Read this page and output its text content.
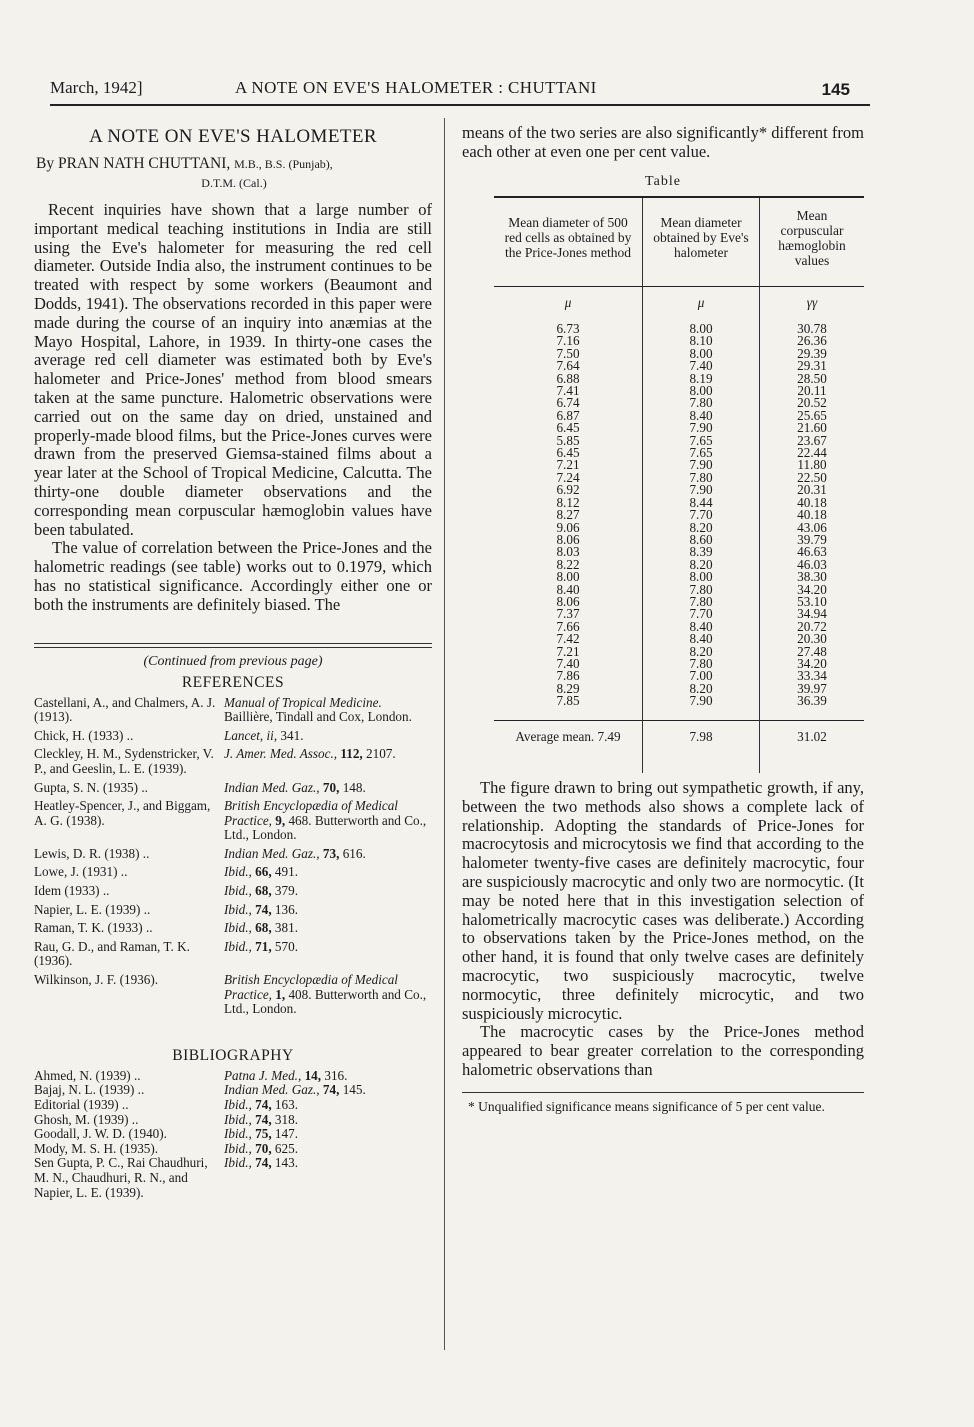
March, 1942]	A NOTE ON EVE'S HALOMETER : CHUTTANI	145
A NOTE ON EVE'S HALOMETER
By PRAN NATH CHUTTANI, M.B., B.S. (Punjab),
D.T.M. (Cal.)

Recent inquiries have shown that a large number of important medical teaching institutions in India are still using the Eve's halometer for measuring the red cell diameter. Outside India also, the instrument continues to be treated with respect by some workers (Beaumont and Dodds, 1941). The observations recorded in this paper were made during the course of an inquiry into anæmias at the Mayo Hospital, Lahore, in 1939. In thirty-one cases the average red cell diameter was estimated both by Eve's halometer and Price-Jones' method from blood smears taken at the same puncture. Halometric observations were carried out on the same day on dried, unstained and properly-made blood films, but the Price-Jones curves were drawn from the preserved Giemsa-stained films about a year later at the School of Tropical Medicine, Calcutta. The thirty-one double diameter observations and the corresponding mean corpuscular hæmoglobin values have been tabulated.

The value of correlation between the Price-Jones and the halometric readings (see table) works out to 0.1979, which has no statistical significance. Accordingly either one or both the instruments are definitely biased. The

(Continued from previous page)
REFERENCES
Castellani, A., and Chalmers, A. J. (1913).	Manual of Tropical Medicine. Baillière, Tindall and Cox, London.
Chick, H. (1933) ..	Lancet, ii, 341.
Cleckley, H. M., Sydenstricker, V. P., and Geeslin, L. E. (1939).	J. Amer. Med. Assoc., 112, 2107.
Gupta, S. N. (1935) ..	Indian Med. Gaz., 70, 148.
Heatley-Spencer, J., and Biggam, A. G. (1938).	British Encyclopædia of Medical Practice, 9, 468. Butterworth and Co., Ltd., London.
Lewis, D. R. (1938) ..	Indian Med. Gaz., 73, 616.
Lowe, J. (1931) ..	Ibid., 66, 491.
Idem (1933) ..	Ibid., 68, 379.
Napier, L. E. (1939) ..	Ibid., 74, 136.
Raman, T. K. (1933) ..	Ibid., 68, 381.
Rau, G. D., and Raman, T. K. (1936).	Ibid., 71, 570.
Wilkinson, J. F. (1936).	British Encyclopædia of Medical Practice, 1, 408. Butterworth and Co., Ltd., London.
BIBLIOGRAPHY
Ahmed, N. (1939) ..	Patna J. Med., 14, 316.
Bajaj, N. L. (1939) ..	Indian Med. Gaz., 74, 145.
Editorial (1939) ..	Ibid., 74, 163.
Ghosh, M. (1939) ..	Ibid., 74, 318.
Goodall, J. W. D. (1940).	Ibid., 75, 147.
Mody, M. S. H. (1935).	Ibid., 70, 625.
Sen Gupta, P. C., Rai Chaudhuri, M. N., Chaudhuri, R. N., and Napier, L. E. (1939).	Ibid., 74, 143.

means of the two series are also significantly* different from each other at even one per cent value.

Table
Mean diameter of 500 red cells as obtained by the Price-Jones method	Mean diameter obtained by Eve's halometer	Mean corpuscular hæmoglobin values
μ	μ	γγ
6.73	8.00	30.78
7.16	8.10	26.36
7.50	8.00	29.39
7.64	7.40	29.31
6.88	8.19	28.50
7.41	8.00	20.11
6.74	7.80	20.52
6.87	8.40	25.65
6.45	7.90	21.60
5.85	7.65	23.67
6.45	7.65	22.44
7.21	7.90	11.80
7.24	7.80	22.50
6.92	7.90	20.31
8.12	8.44	40.18
8.27	7.70	40.18
9.06	8.20	43.06
8.06	8.60	39.79
8.03	8.39	46.63
8.22	8.20	46.03
8.00	8.00	38.30
8.40	7.80	34.20
8.06	7.80	53.10
7.37	7.70	34.94
7.66	8.40	20.72
7.42	8.40	20.30
7.21	8.20	27.48
7.40	7.80	34.20
7.86	7.00	33.34
8.29	8.20	39.97
7.85	7.90	36.39
Average mean. 7.49	7.98	31.02

The figure drawn to bring out sympathetic growth, if any, between the two methods also shows a complete lack of relationship. Adopting the standards of Price-Jones for macrocytosis and microcytosis we find that according to the halometer twenty-five cases are definitely macrocytic, four are suspiciously macrocytic and only two are normocytic. (It may be noted here that in this investigation selection of halometrically macrocytic cases was deliberate.) According to observations taken by the Price-Jones method, on the other hand, it is found that only twelve cases are definitely macrocytic, two suspiciously macrocytic, twelve normocytic, three definitely microcytic, and two suspiciously microcytic.

The macrocytic cases by the Price-Jones method appeared to bear greater correlation to the corresponding halometric observations than

* Unqualified significance means significance of 5 per cent value.
